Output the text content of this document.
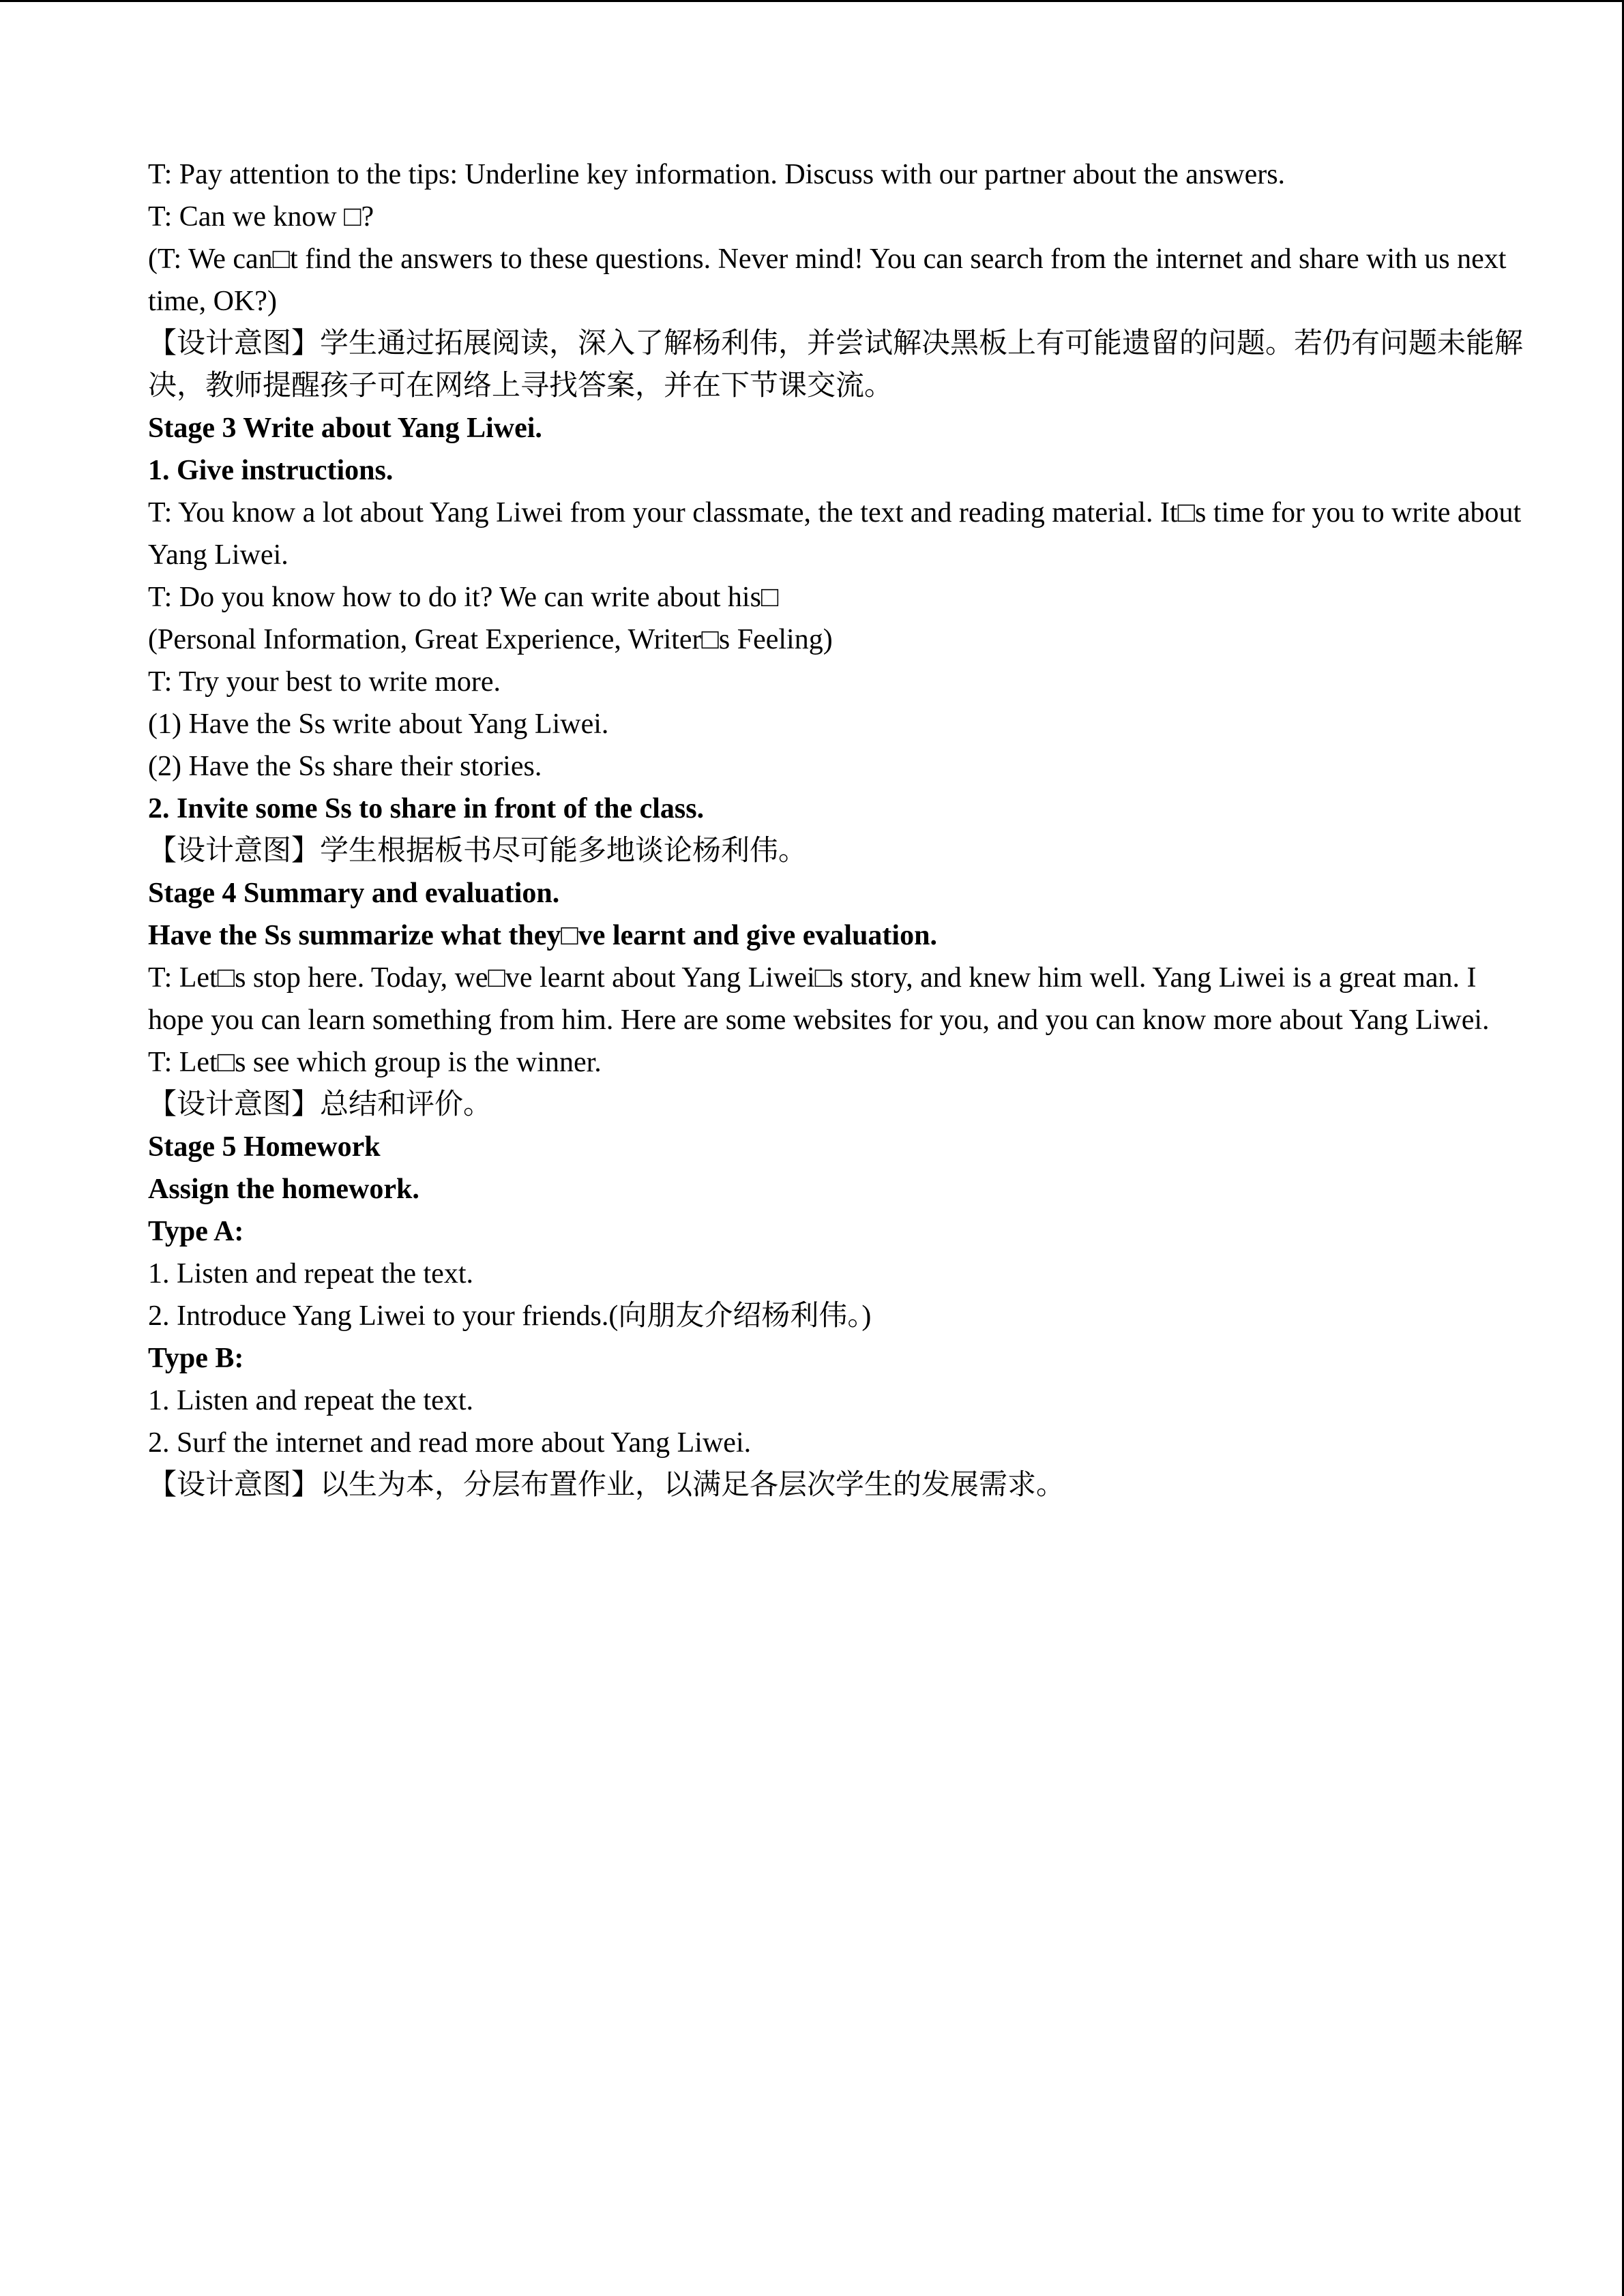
T: Pay attention to the tips: Underline key information. Discuss with our partner about the answers.

T: Can we know □?

(T: We can□t find the answers to these questions. Never mind! You can search from the internet and share with us next time, OK?)

【设计意图】学生通过拓展阅读，深入了解杨利伟，并尝试解决黑板上有可能遗留的问题。若仍有问题未能解决，教师提醒孩子可在网络上寻找答案，并在下节课交流。

Stage 3 Write about Yang Liwei.

1. Give instructions.

T: You know a lot about Yang Liwei from your classmate, the text and reading material. It□s time for you to write about Yang Liwei.

T: Do you know how to do it? We can write about his□

(Personal Information, Great Experience, Writer□s Feeling)

T: Try your best to write more.

(1) Have the Ss write about Yang Liwei.

(2) Have the Ss share their stories.

2. Invite some Ss to share in front of the class.

【设计意图】学生根据板书尽可能多地谈论杨利伟。

Stage 4 Summary and evaluation.

Have the Ss summarize what they□ve learnt and give evaluation.

T: Let□s stop here. Today, we□ve learnt about Yang Liwei□s story, and knew him well. Yang Liwei is a great man. I hope you can learn something from him. Here are some websites for you, and you can know more about Yang Liwei.

T: Let□s see which group is the winner.

【设计意图】总结和评价。

Stage 5 Homework

Assign the homework.

Type A:

1. Listen and repeat the text.

2. Introduce Yang Liwei to your friends.(向朋友介绍杨利伟。)

Type B:

1. Listen and repeat the text.

2. Surf the internet and read more about Yang Liwei.

【设计意图】以生为本，分层布置作业，以满足各层次学生的发展需求。
